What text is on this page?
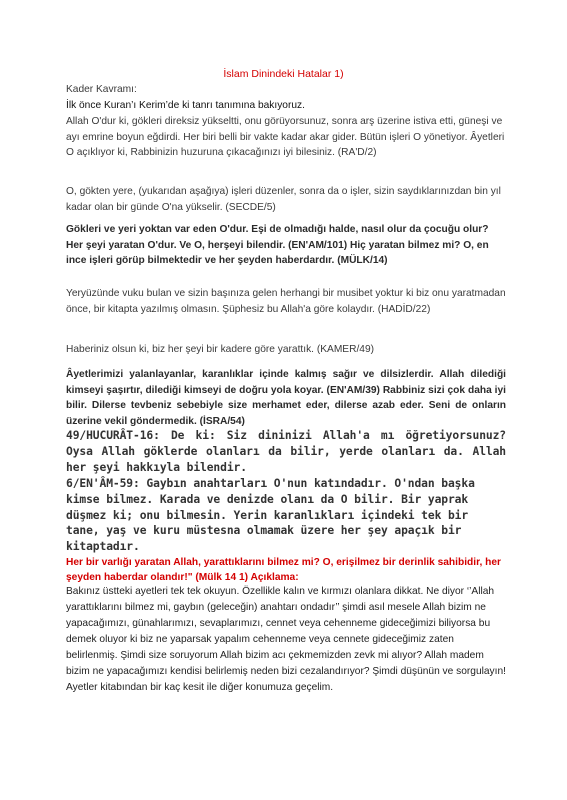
İslam Dinindeki Hatalar 1)

Kader Kavramı:

İlk önce Kuran’ı Kerim’de ki tanrı tanımına bakıyoruz.

Allah O'dur ki, gökleri direksiz yükseltti, onu görüyorsunuz, sonra arş üzerine istiva etti, güneşi ve ayı emrine boyun eğdirdi. Her biri belli bir vakte kadar akar gider. Bütün işleri O yönetiyor. Âyetleri O açıklıyor ki, Rabbinizin huzuruna çıkacağınızı iyi bilesiniz. (RA'D/2)

O, gökten yere, (yukarıdan aşağıya) işleri düzenler, sonra da o işler, sizin saydıklarınızdan bin yıl kadar olan bir günde O'na yükselir. (SECDE/5)

Gökleri ve yeri yoktan var eden O'dur. Eşi de olmadığı halde, nasıl olur da çocuğu olur? Her şeyi yaratan O'dur. Ve O, herşeyi bilendir. (EN'AM/101) Hiç yaratan bilmez mi? O, en ince işleri görüp bilmektedir ve her şeyden haberdardır. (MÜLK/14)

Yeryüzünde vuku bulan ve sizin başınıza gelen herhangi bir musibet yoktur ki biz onu yaratmadan önce, bir kitapta yazılmış olmasın. Şüphesiz bu Allah'a göre kolaydır. (HADİD/22)

Haberiniz olsun ki, biz her şeyi bir kadere göre yarattık. (KAMER/49)

Âyetlerimizi yalanlayanlar, karanlıklar içinde kalmış sağır ve dilsizlerdir. Allah dilediği kimseyi şaşırtır, dilediği kimseyi de doğru yola koyar. (EN'AM/39) Rabbiniz sizi çok daha iyi bilir. Dilerse tevbeniz sebebiyle size merhamet eder, dilerse azab eder. Seni de onların üzerine vekil göndermedik. (İSRA/54)

49/HUCURÂT-16: De ki: Siz dininizi Allah'a mı öğretiyorsunuz? Oysa Allah göklerde olanları da bilir, yerde olanları da. Allah her şeyi hakkıyla bilendir.

6/EN'ÂM-59: Gaybın anahtarları O'nun katındadır. O'ndan başka kimse bilmez. Karada ve denizde olanı da O bilir. Bir yaprak düşmez ki; onu bilmesin. Yerin karanlıkları içindeki tek bir tane, yaş ve kuru müstesna olmamak üzere her şey apaçık bir kitaptadır.

Her bir varlığı yaratan Allah, yarattıklarını bilmez mi? O, erişilmez bir derinlik sahibidir, her şeyden haberdar olandır!" (Mülk 14 1) Açıklama:

Bakınız üstteki ayetleri tek tek okuyun. Özellikle kalın ve kırmızı olanlara dikkat. Ne diyor ‘’Allah yarattıklarını bilmez mi, gaybın (geleceğin) anahtarı ondadır’’ şimdi asıl mesele Allah bizim ne yapacağımızı, günahlarımızı, sevaplarımızı, cennet veya cehenneme gideceğimizi biliyorsa bu demek oluyor ki biz ne yaparsak yapalım cehenneme veya cennete gideceğimiz zaten belirlenmiş. Şimdi size soruyorum Allah bizim acı çekmemizden zevk mi alıyor? Allah madem bizim ne yapacağımızı kendisi belirlemiş neden bizi cezalandırıyor? Şimdi düşünün ve sorgulayın! Ayetler kitabından bir kaç kesit ile diğer konumuza geçelim.
